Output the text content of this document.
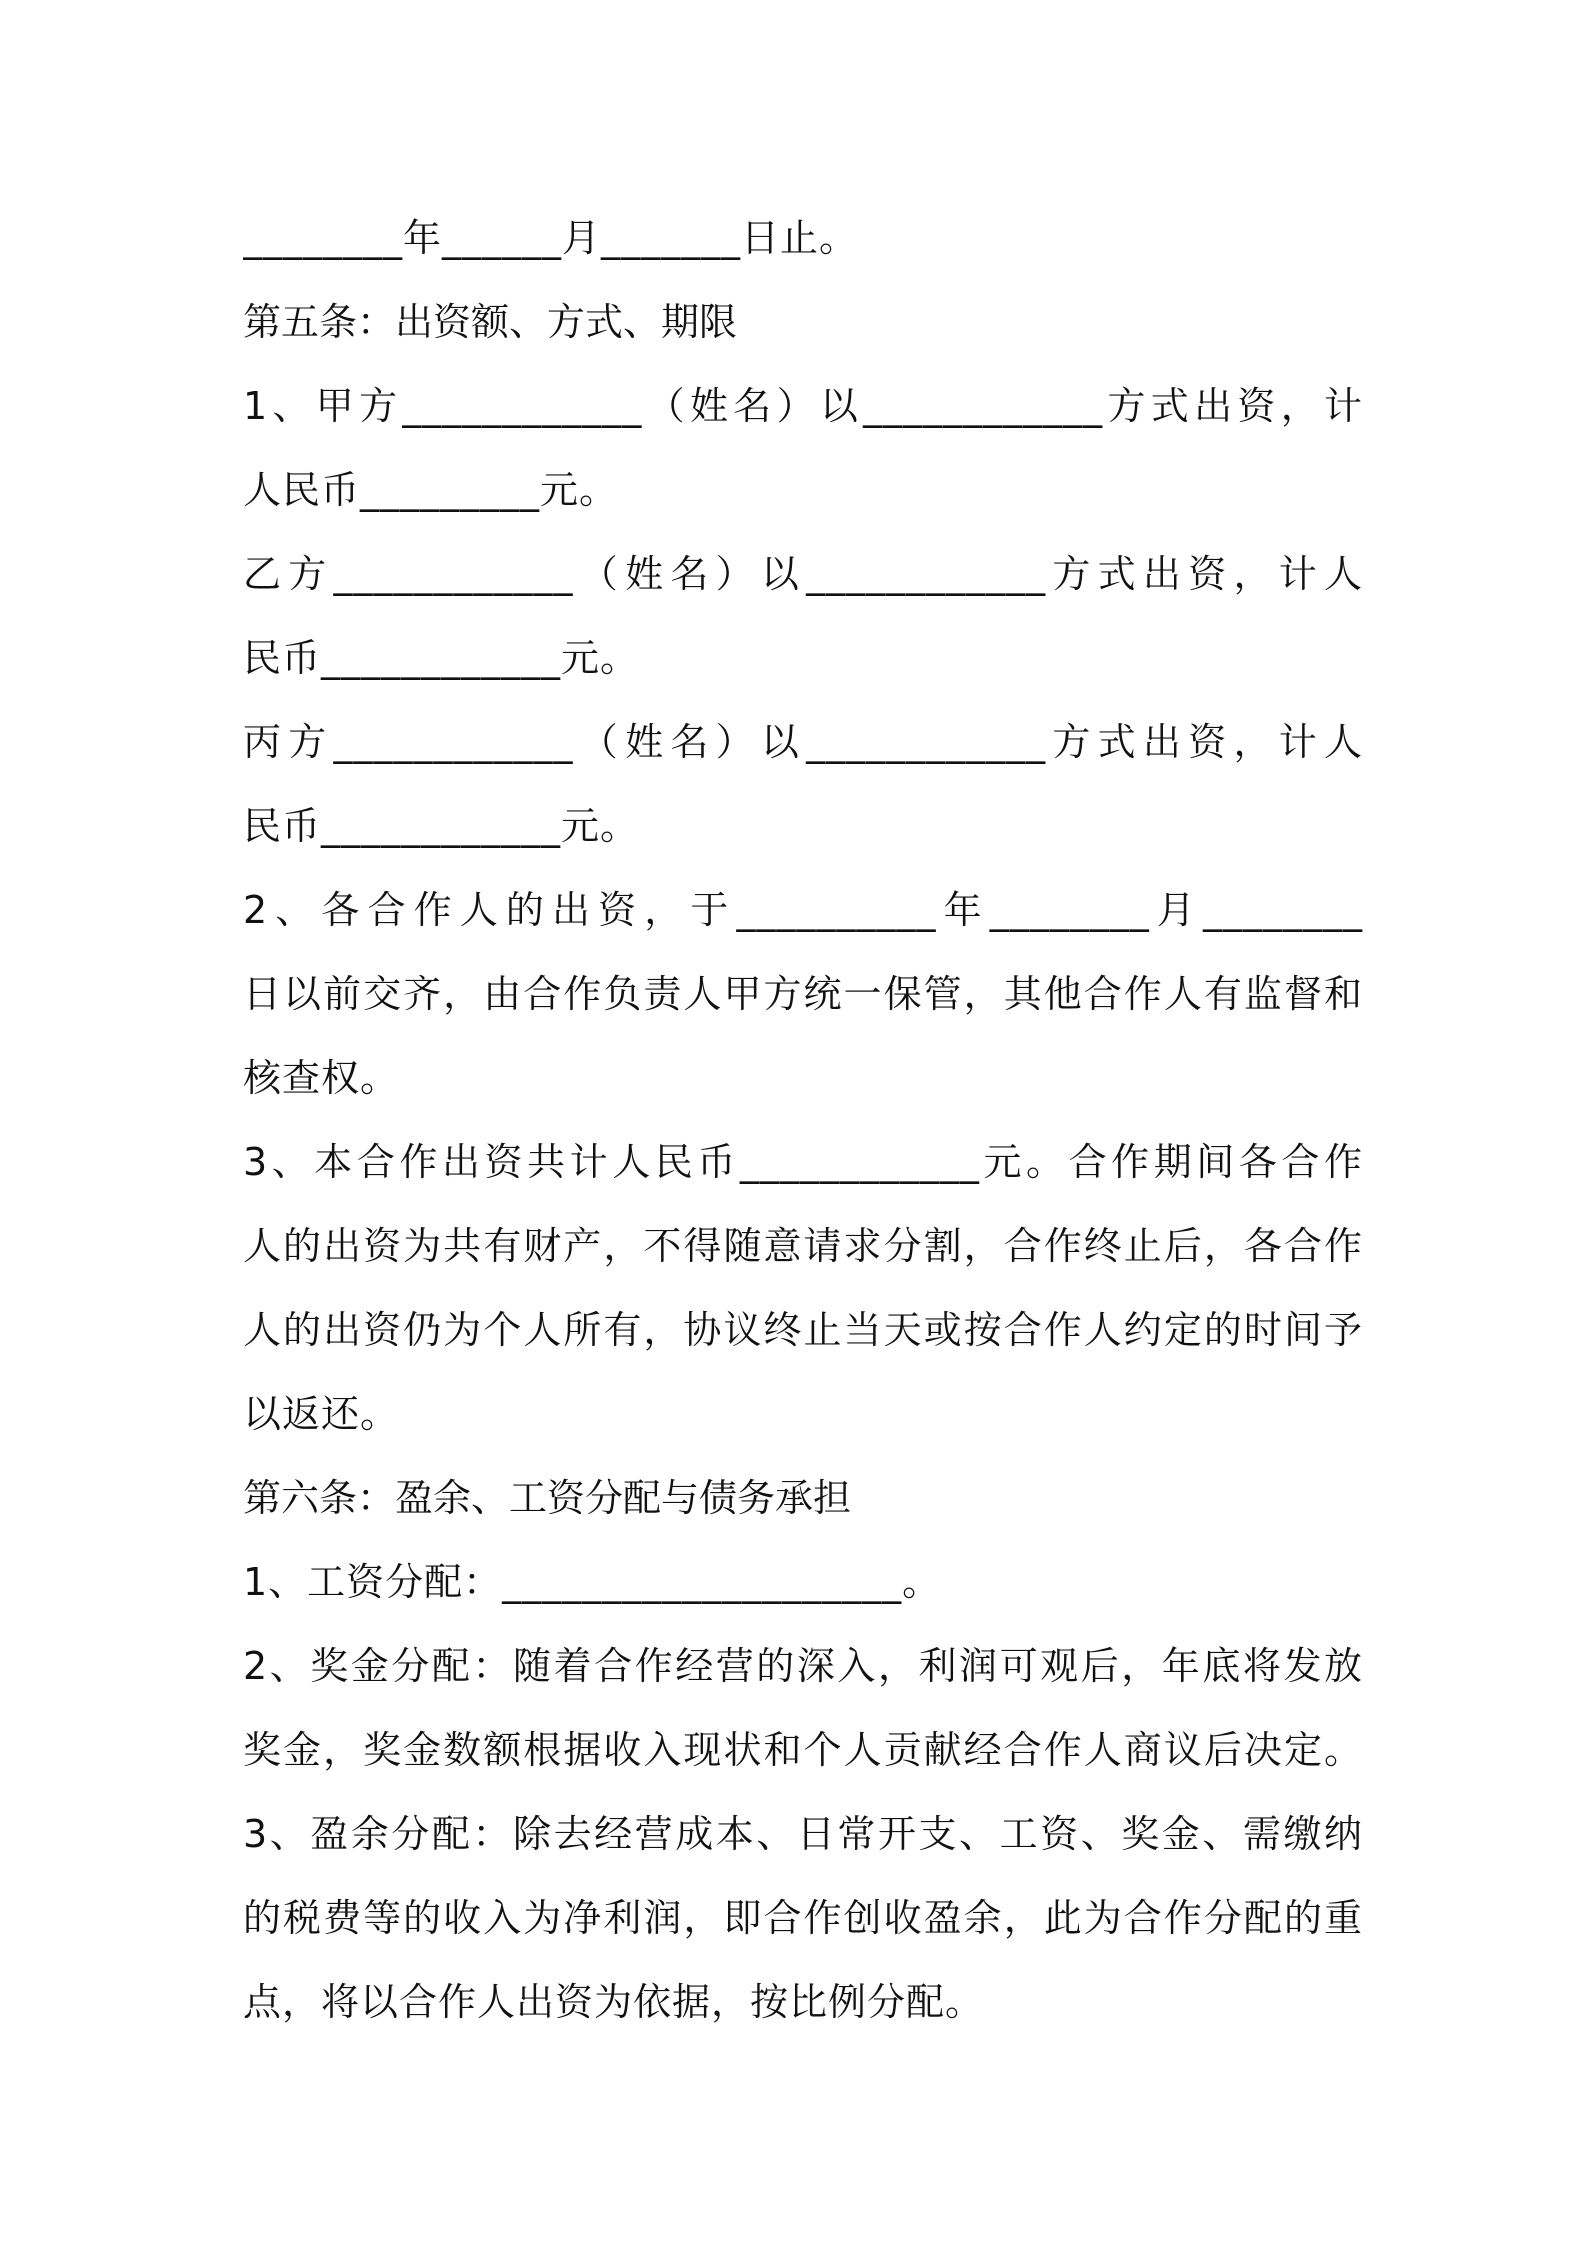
________年______月_______日止。
第五条：出资额、方式、期限
1、甲方____________（姓名）以____________方式出资，计
人民币_________元。
乙方____________（姓名）以____________方式出资，计人
民币____________元。
丙方____________（姓名）以____________方式出资，计人
民币____________元。
2、各合作人的出资，于__________年________月________
日以前交齐，由合作负责人甲方统一保管，其他合作人有监督和
核查权。
3、本合作出资共计人民币____________元。合作期间各合作
人的出资为共有财产，不得随意请求分割，合作终止后，各合作
人的出资仍为个人所有，协议终止当天或按合作人约定的时间予
以返还。
第六条：盈余、工资分配与债务承担
1、工资分配：____________________。
2、奖金分配：随着合作经营的深入，利润可观后，年底将发放
奖金，奖金数额根据收入现状和个人贡献经合作人商议后决定。
3、盈余分配：除去经营成本、日常开支、工资、奖金、需缴纳
的税费等的收入为净利润，即合作创收盈余，此为合作分配的重
点，将以合作人出资为依据，按比例分配。
